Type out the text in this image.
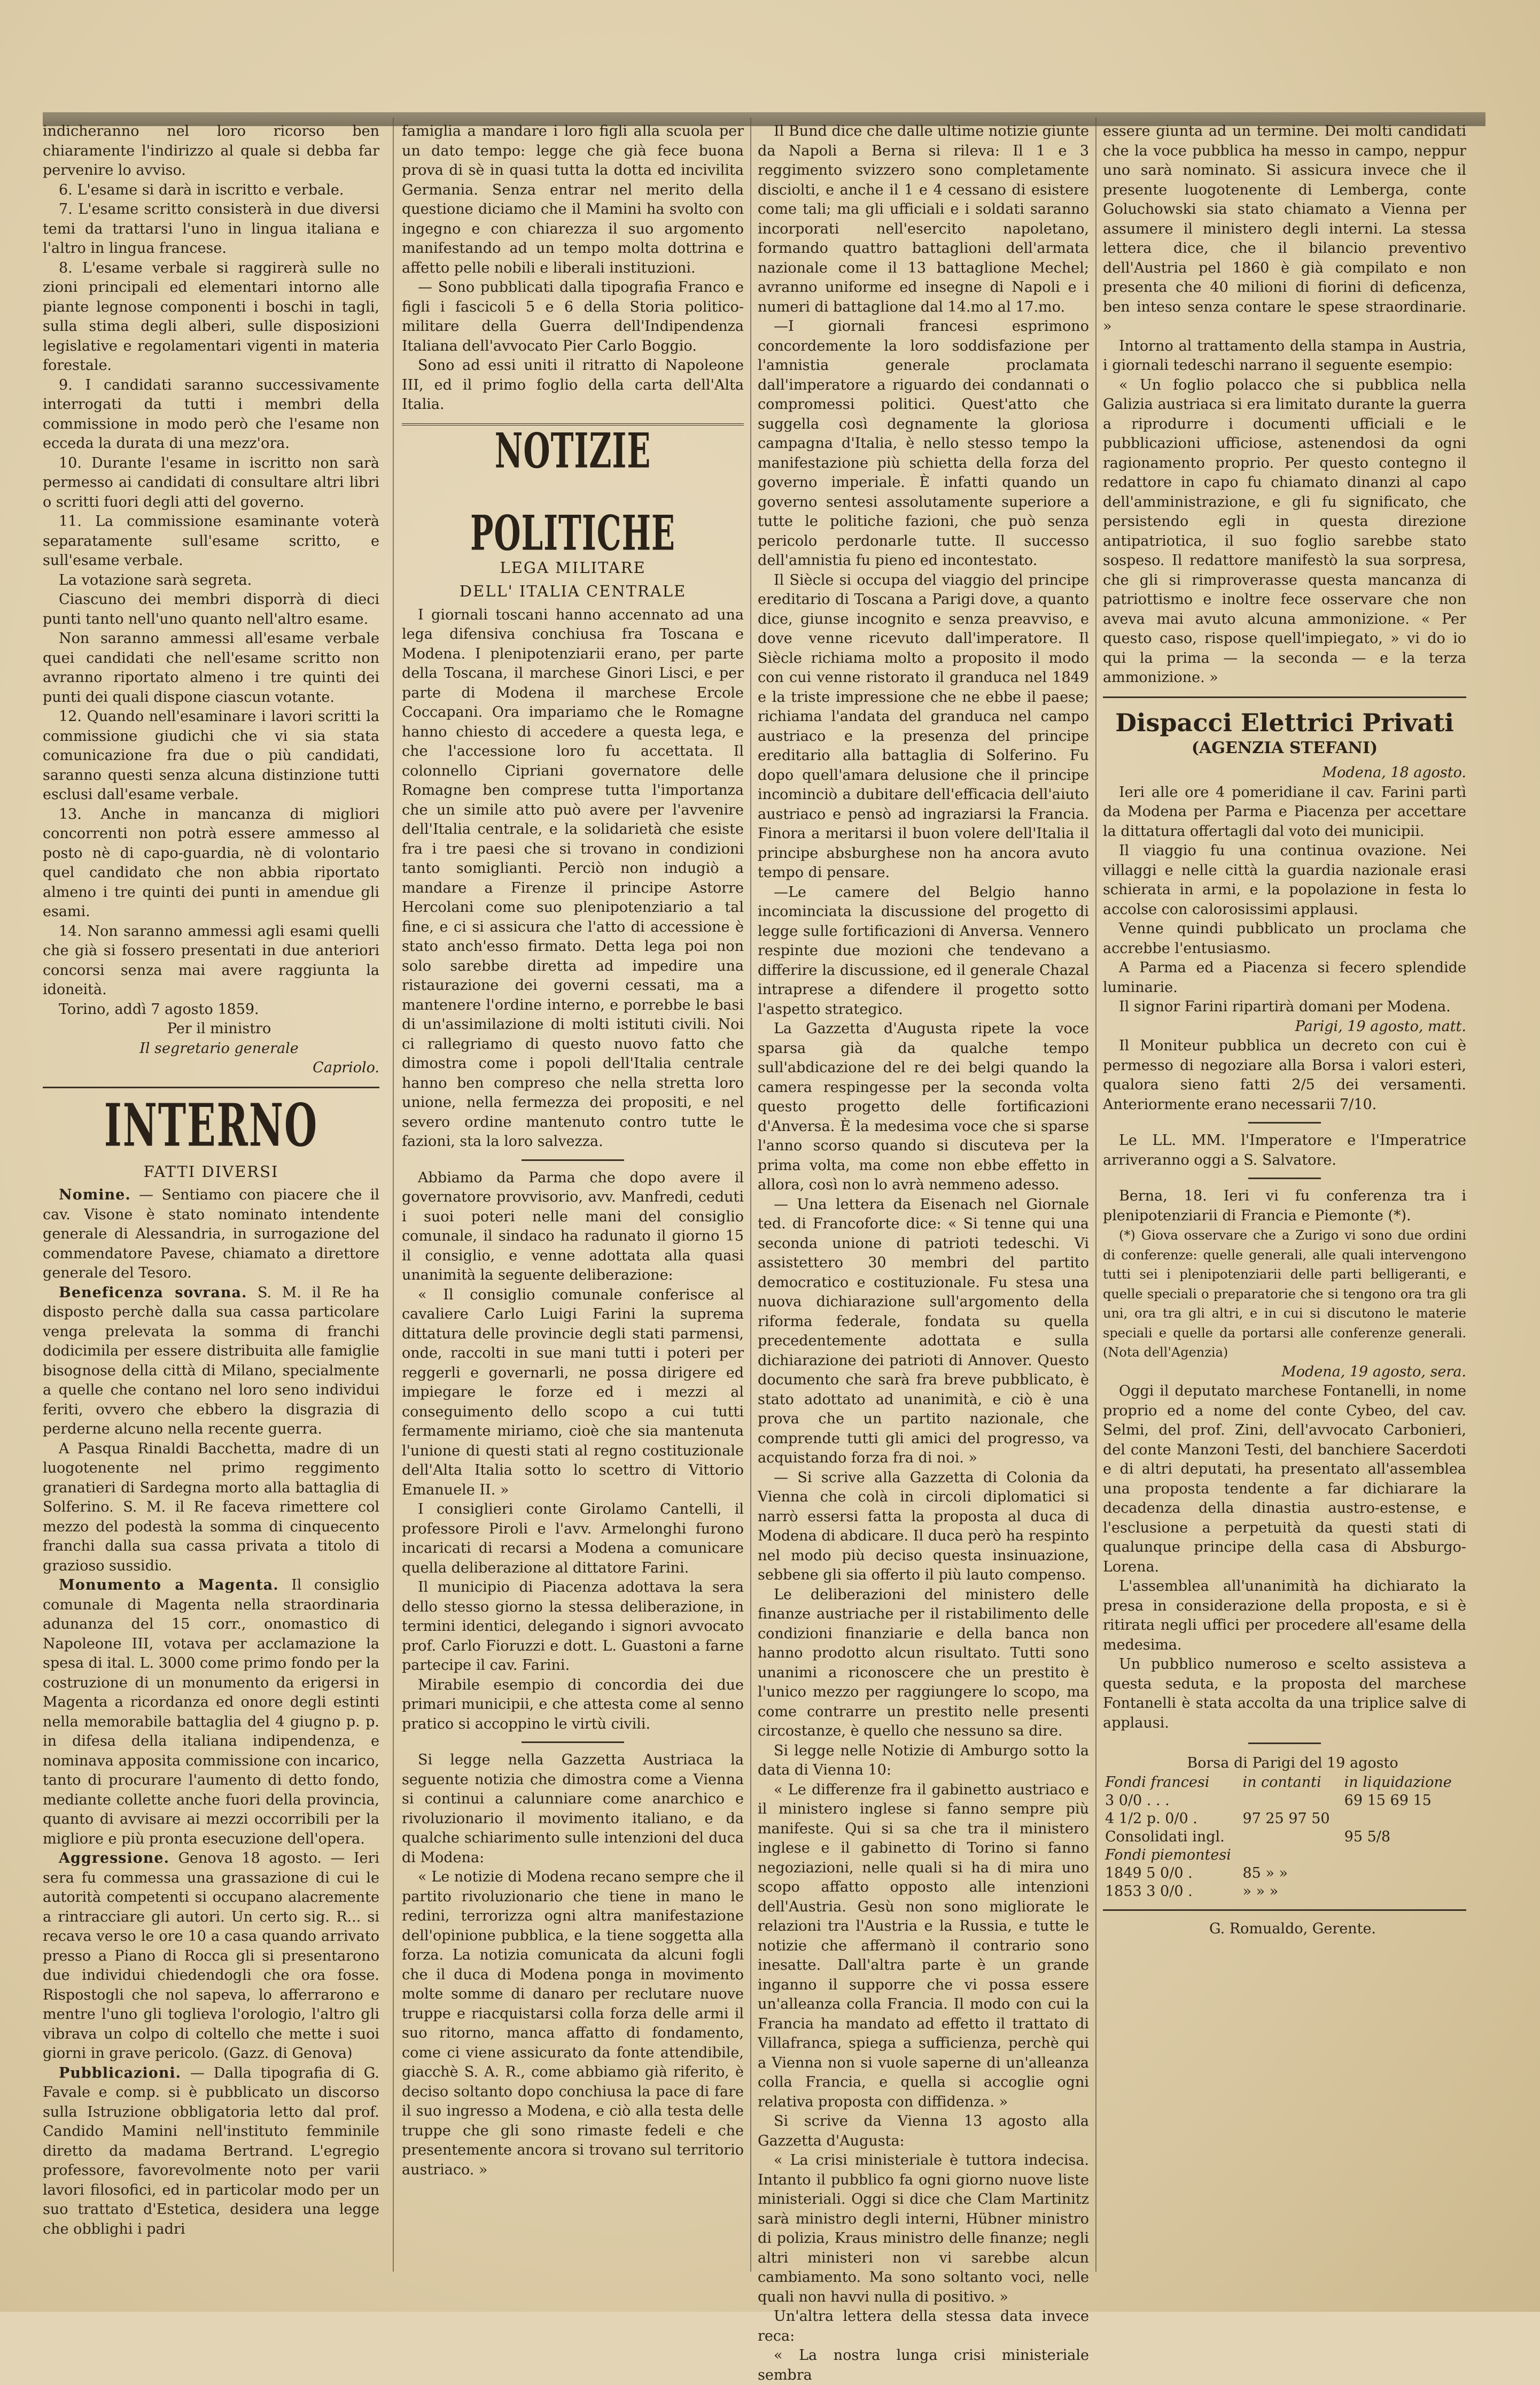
indicheranno nel loro ricorso ben chiaramente l'indirizzo al quale si debba far pervenire lo avviso.

6. L'esame si darà in iscritto e verbale.

7. L'esame scritto consisterà in due diversi temi da trattarsi l'uno in lingua italiana e l'altro in lingua francese.

8. L'esame verbale si raggirerà sulle no zioni principali ed elementari intorno alle piante legnose componenti i boschi in tagli, sulla stima degli alberi, sulle disposizioni legislative e regolamentari vigenti in materia forestale.

9. I candidati saranno successivamente interrogati da tutti i membri della commissione in modo però che l'esame non ecceda la durata di una mezz'ora.

10. Durante l'esame in iscritto non sarà permesso ai candidati di consultare altri libri o scritti fuori degli atti del governo.

11. La commissione esaminante voterà separatamente sull'esame scritto, e sull'esame verbale.

La votazione sarà segreta.

Ciascuno dei membri disporrà di dieci punti tanto nell'uno quanto nell'altro esame.

Non saranno ammessi all'esame verbale quei candidati che nell'esame scritto non avranno riportato almeno i tre quinti dei punti dei quali dispone ciascun votante.

12. Quando nell'esaminare i lavori scritti la commissione giudichi che vi sia stata comunicazione fra due o più candidati, saranno questi senza alcuna distinzione tutti esclusi dall'esame verbale.

13. Anche in mancanza di migliori concorrenti non potrà essere ammesso al posto nè di capo-guardia, nè di volontario quel candidato che non abbia riportato almeno i tre quinti dei punti in amendue gli esami.

14. Non saranno ammessi agli esami quelli che già si fossero presentati in due anteriori concorsi senza mai avere raggiunta la idoneità.

Torino, addì 7 agosto 1859.

Per il ministro

Il segretario generale

Capriolo.

INTERNO
FATTI DIVERSI

Nomine. — Sentiamo con piacere che il cav. Visone è stato nominato intendente generale di Alessandria, in surrogazione del commendatore Pavese, chiamato a direttore generale del Tesoro.

Beneficenza sovrana. S. M. il Re ha disposto perchè dalla sua cassa particolare venga prelevata la somma di franchi dodicimila per essere distribuita alle famiglie bisognose della città di Milano, specialmente a quelle che contano nel loro seno individui feriti, ovvero che ebbero la disgrazia di perderne alcuno nella recente guerra.

A Pasqua Rinaldi Bacchetta, madre di un luogotenente nel primo reggimento granatieri di Sardegna morto alla battaglia di Solferino. S. M. il Re faceva rimettere col mezzo del podestà la somma di cinquecento franchi dalla sua cassa privata a titolo di grazioso sussidio.

Monumento a Magenta. Il consiglio comunale di Magenta nella straordinaria adunanza del 15 corr., onomastico di Napoleone III, votava per acclamazione la spesa di ital. L. 3000 come primo fondo per la costruzione di un monumento da erigersi in Magenta a ricordanza ed onore degli estinti nella memorabile battaglia del 4 giugno p. p. in difesa della italiana indipendenza, e nominava apposita commissione con incarico, tanto di procurare l'aumento di detto fondo, mediante collette anche fuori della provincia, quanto di avvisare ai mezzi occorribili per la migliore e più pronta esecuzione dell'opera.

Aggressione. Genova 18 agosto. — Ieri sera fu commessa una grassazione di cui le autorità competenti si occupano alacremente a rintracciare gli autori. Un certo sig. R... si recava verso le ore 10 a casa quando arrivato presso a Piano di Rocca gli si presentarono due individui chiedendogli che ora fosse. Rispostogli che nol sapeva, lo afferrarono e mentre l'uno gli toglieva l'orologio, l'altro gli vibrava un colpo di coltello che mette i suoi giorni in grave pericolo. (Gazz. di Genova)

Pubblicazioni. — Dalla tipografia di G. Favale e comp. si è pubblicato un discorso sulla Istruzione obbligatoria letto dal prof. Candido Mamini nell'instituto femminile diretto da madama Bertrand. L'egregio professore, favorevolmente noto per varii lavori filosofici, ed in particolar modo per un suo trattato d'Estetica, desidera una legge che obblighi i padri

famiglia a mandare i loro figli alla scuola per un dato tempo: legge che già fece buona prova di sè in quasi tutta la dotta ed incivilita Germania. Senza entrar nel merito della questione diciamo che il Mamini ha svolto con ingegno e con chiarezza il suo argomento manifestando ad un tempo molta dottrina e affetto pelle nobili e liberali instituzioni.

— Sono pubblicati dalla tipografia Franco e figli i fascicoli 5 e 6 della Storia politico-militare della Guerra dell'Indipendenza Italiana dell'avvocato Pier Carlo Boggio.

Sono ad essi uniti il ritratto di Napoleone III, ed il primo foglio della carta dell'Alta Italia.

NOTIZIE POLITICHE
LEGA MILITARE
DELL' ITALIA CENTRALE

I giornali toscani hanno accennato ad una lega difensiva conchiusa fra Toscana e Modena. I plenipotenziarii erano, per parte della Toscana, il marchese Ginori Lisci, e per parte di Modena il marchese Ercole Coccapani. Ora impariamo che le Romagne hanno chiesto di accedere a questa lega, e che l'accessione loro fu accettata. Il colonnello Cipriani governatore delle Romagne ben comprese tutta l'importanza che un simile atto può avere per l'avvenire dell'Italia centrale, e la solidarietà che esiste fra i tre paesi che si trovano in condizioni tanto somiglianti. Perciò non indugiò a mandare a Firenze il principe Astorre Hercolani come suo plenipotenziario a tal fine, e ci si assicura che l'atto di accessione è stato anch'esso firmato. Detta lega poi non solo sarebbe diretta ad impedire una ristaurazione dei governi cessati, ma a mantenere l'ordine interno, e porrebbe le basi di un'assimilazione di molti istituti civili. Noi ci rallegriamo di questo nuovo fatto che dimostra come i popoli dell'Italia centrale hanno ben compreso che nella stretta loro unione, nella fermezza dei propositi, e nel severo ordine mantenuto contro tutte le fazioni, sta la loro salvezza.

Abbiamo da Parma che dopo avere il governatore provvisorio, avv. Manfredi, ceduti i suoi poteri nelle mani del consiglio comunale, il sindaco ha radunato il giorno 15 il consiglio, e venne adottata alla quasi unanimità la seguente deliberazione:

« Il consiglio comunale conferisce al cavaliere Carlo Luigi Farini la suprema dittatura delle provincie degli stati parmensi, onde, raccolti in sue mani tutti i poteri per reggerli e governarli, ne possa dirigere ed impiegare le forze ed i mezzi al conseguimento dello scopo a cui tutti fermamente miriamo, cioè che sia mantenuta l'unione di questi stati al regno costituzionale dell'Alta Italia sotto lo scettro di Vittorio Emanuele II. »

I consiglieri conte Girolamo Cantelli, il professore Piroli e l'avv. Armelonghi furono incaricati di recarsi a Modena a comunicare quella deliberazione al dittatore Farini.

Il municipio di Piacenza adottava la sera dello stesso giorno la stessa deliberazione, in termini identici, delegando i signori avvocato prof. Carlo Fioruzzi e dott. L. Guastoni a farne partecipe il cav. Farini.

Mirabile esempio di concordia dei due primari municipii, e che attesta come al senno pratico si accoppino le virtù civili.

Si legge nella Gazzetta Austriaca la seguente notizia che dimostra come a Vienna si continui a calunniare come anarchico e rivoluzionario il movimento italiano, e da qualche schiarimento sulle intenzioni del duca di Modena:

« Le notizie di Modena recano sempre che il partito rivoluzionario che tiene in mano le redini, terrorizza ogni altra manifestazione dell'opinione pubblica, e la tiene soggetta alla forza. La notizia comunicata da alcuni fogli che il duca di Modena ponga in movimento molte somme di danaro per reclutare nuove truppe e riacquistarsi colla forza delle armi il suo ritorno, manca affatto di fondamento, come ci viene assicurato da fonte attendibile, giacchè S. A. R., come abbiamo già riferito, è deciso soltanto dopo conchiusa la pace di fare il suo ingresso a Modena, e ciò alla testa delle truppe che gli sono rimaste fedeli e che presentemente ancora si trovano sul territorio austriaco. »

Il Bund dice che dalle ultime notizie giunte da Napoli a Berna si rileva: Il 1 e 3 reggimento svizzero sono completamente disciolti, e anche il 1 e 4 cessano di esistere come tali; ma gli ufficiali e i soldati saranno incorporati nell'esercito napoletano, formando quattro battaglioni dell'armata nazionale come il 13 battaglione Mechel; avranno uniforme ed insegne di Napoli e i numeri di battaglione dal 14.mo al 17.mo.

—I giornali francesi esprimono concordemente la loro soddisfazione per l'amnistia generale proclamata dall'imperatore a riguardo dei condannati o compromessi politici. Quest'atto che suggella così degnamente la gloriosa campagna d'Italia, è nello stesso tempo la manifestazione più schietta della forza del governo imperiale. È infatti quando un governo sentesi assolutamente superiore a tutte le politiche fazioni, che può senza pericolo perdonarle tutte. Il successo dell'amnistia fu pieno ed incontestato.

Il Siècle si occupa del viaggio del principe ereditario di Toscana a Parigi dove, a quanto dice, giunse incognito e senza preavviso, e dove venne ricevuto dall'imperatore. Il Siècle richiama molto a proposito il modo con cui venne ristorato il granduca nel 1849 e la triste impressione che ne ebbe il paese; richiama l'andata del granduca nel campo austriaco e la presenza del principe ereditario alla battaglia di Solferino. Fu dopo quell'amara delusione che il principe incominciò a dubitare dell'efficacia dell'aiuto austriaco e pensò ad ingraziarsi la Francia. Finora a meritarsi il buon volere dell'Italia il principe absburghese non ha ancora avuto tempo di pensare.

—Le camere del Belgio hanno incominciata la discussione del progetto di legge sulle fortificazioni di Anversa. Vennero respinte due mozioni che tendevano a differire la discussione, ed il generale Chazal intraprese a difendere il progetto sotto l'aspetto strategico.

La Gazzetta d'Augusta ripete la voce sparsa già da qualche tempo sull'abdicazione del re dei belgi quando la camera respingesse per la seconda volta questo progetto delle fortificazioni d'Anversa. È la medesima voce che si sparse l'anno scorso quando si discuteva per la prima volta, ma come non ebbe effetto in allora, così non lo avrà nemmeno adesso.

— Una lettera da Eisenach nel Giornale ted. di Francoforte dice: « Si tenne qui una seconda unione di patrioti tedeschi. Vi assistettero 30 membri del partito democratico e costituzionale. Fu stesa una nuova dichiarazione sull'argomento della riforma federale, fondata su quella precedentemente adottata e sulla dichiarazione dei patrioti di Annover. Questo documento che sarà fra breve pubblicato, è stato adottato ad unanimità, e ciò è una prova che un partito nazionale, che comprende tutti gli amici del progresso, va acquistando forza fra di noi. »

— Si scrive alla Gazzetta di Colonia da Vienna che colà in circoli diplomatici si narrò essersi fatta la proposta al duca di Modena di abdicare. Il duca però ha respinto nel modo più deciso questa insinuazione, sebbene gli sia offerto il più lauto compenso.

Le deliberazioni del ministero delle finanze austriache per il ristabilimento delle condizioni finanziarie e della banca non hanno prodotto alcun risultato. Tutti sono unanimi a riconoscere che un prestito è l'unico mezzo per raggiungere lo scopo, ma come contrarre un prestito nelle presenti circostanze, è quello che nessuno sa dire.

Si legge nelle Notizie di Amburgo sotto la data di Vienna 10:

« Le differenze fra il gabinetto austriaco e il ministero inglese si fanno sempre più manifeste. Qui si sa che tra il ministero inglese e il gabinetto di Torino si fanno negoziazioni, nelle quali si ha di mira uno scopo affatto opposto alle intenzioni dell'Austria. Gesù non sono migliorate le relazioni tra l'Austria e la Russia, e tutte le notizie che affermanò il contrario sono inesatte. Dall'altra parte è un grande inganno il supporre che vi possa essere un'alleanza colla Francia. Il modo con cui la Francia ha mandato ad effetto il trattato di Villafranca, spiega a sufficienza, perchè qui a Vienna non si vuole saperne di un'alleanza colla Francia, e quella si accoglie ogni relativa proposta con diffidenza. »

Si scrive da Vienna 13 agosto alla Gazzetta d'Augusta:

« La crisi ministeriale è tuttora indecisa. Intanto il pubblico fa ogni giorno nuove liste ministeriali. Oggi si dice che Clam Martinitz sarà ministro degli interni, Hübner ministro di polizia, Kraus ministro delle finanze; negli altri ministeri non vi sarebbe alcun cambiamento. Ma sono soltanto voci, nelle quali non havvi nulla di positivo. »

Un'altra lettera della stessa data invece reca:

« La nostra lunga crisi ministeriale sembra

essere giunta ad un termine. Dei molti candidati che la voce pubblica ha messo in campo, neppur uno sarà nominato. Si assicura invece che il presente luogotenente di Lemberga, conte Goluchowski sia stato chiamato a Vienna per assumere il ministero degli interni. La stessa lettera dice, che il bilancio preventivo dell'Austria pel 1860 è già compilato e non presenta che 40 milioni di fiorini di deficenza, ben inteso senza contare le spese straordinarie. »

Intorno al trattamento della stampa in Austria, i giornali tedeschi narrano il seguente esempio:

« Un foglio polacco che si pubblica nella Galizia austriaca si era limitato durante la guerra a riprodurre i documenti ufficiali e le pubblicazioni ufficiose, astenendosi da ogni ragionamento proprio. Per questo contegno il redattore in capo fu chiamato dinanzi al capo dell'amministrazione, e gli fu significato, che persistendo egli in questa direzione antipatriotica, il suo foglio sarebbe stato sospeso. Il redattore manifestò la sua sorpresa, che gli si rimproverasse questa mancanza di patriottismo e inoltre fece osservare che non aveva mai avuto alcuna ammonizione. « Per questo caso, rispose quell'impiegato, » vi do io qui la prima — la seconda — e la terza ammonizione. »

Dispacci Elettrici Privati
(AGENZIA STEFANI)

Modena, 18 agosto.

Ieri alle ore 4 pomeridiane il cav. Farini partì da Modena per Parma e Piacenza per accettare la dittatura offertagli dal voto dei municipii.

Il viaggio fu una continua ovazione. Nei villaggi e nelle città la guardia nazionale erasi schierata in armi, e la popolazione in festa lo accolse con calorosissimi applausi.

Venne quindi pubblicato un proclama che accrebbe l'entusiasmo.

A Parma ed a Piacenza si fecero splendide luminarie.

Il signor Farini ripartirà domani per Modena.

Parigi, 19 agosto, matt.

Il Moniteur pubblica un decreto con cui è permesso di negoziare alla Borsa i valori esteri, qualora sieno fatti 2/5 dei versamenti. Anteriormente erano necessarii 7/10.

Le LL. MM. l'Imperatore e l'Imperatrice arriveranno oggi a S. Salvatore.

Berna, 18. Ieri vi fu conferenza tra i plenipotenziarii di Francia e Piemonte (*).

(*) Giova osservare che a Zurigo vi sono due ordini di conferenze: quelle generali, alle quali intervengono tutti sei i plenipotenziarii delle parti belligeranti, e quelle speciali o preparatorie che si tengono ora tra gli uni, ora tra gli altri, e in cui si discutono le materie speciali e quelle da portarsi alle conferenze generali. (Nota dell'Agenzia)

Modena, 19 agosto, sera.

Oggi il deputato marchese Fontanelli, in nome proprio ed a nome del conte Cybeo, del cav. Selmi, del prof. Zini, dell'avvocato Carbonieri, del conte Manzoni Testi, del banchiere Sacerdoti e di altri deputati, ha presentato all'assemblea una proposta tendente a far dichiarare la decadenza della dinastia austro-estense, e l'esclusione a perpetuità da questi stati di qualunque principe della casa di Absburgo-Lorena.

L'assemblea all'unanimità ha dichiarato la presa in considerazione della proposta, e si è ritirata negli uffici per procedere all'esame della medesima.

Un pubblico numeroso e scelto assisteva a questa seduta, e la proposta del marchese Fontanelli è stata accolta da una triplice salve di applausi.

Borsa di Parigi del 19 agosto

Fondi francesi	in contanti	in liquidazione
3 0/0 . . .		69 15 69 15
4 1/2 p. 0/0 .	97 25 97 50	
Consolidati ingl.		95 5/8
Fondi piemontesi		
1849 5 0/0 .	85 » »	
1853 3 0/0 .	» » »	

G. Romualdo, Gerente.
